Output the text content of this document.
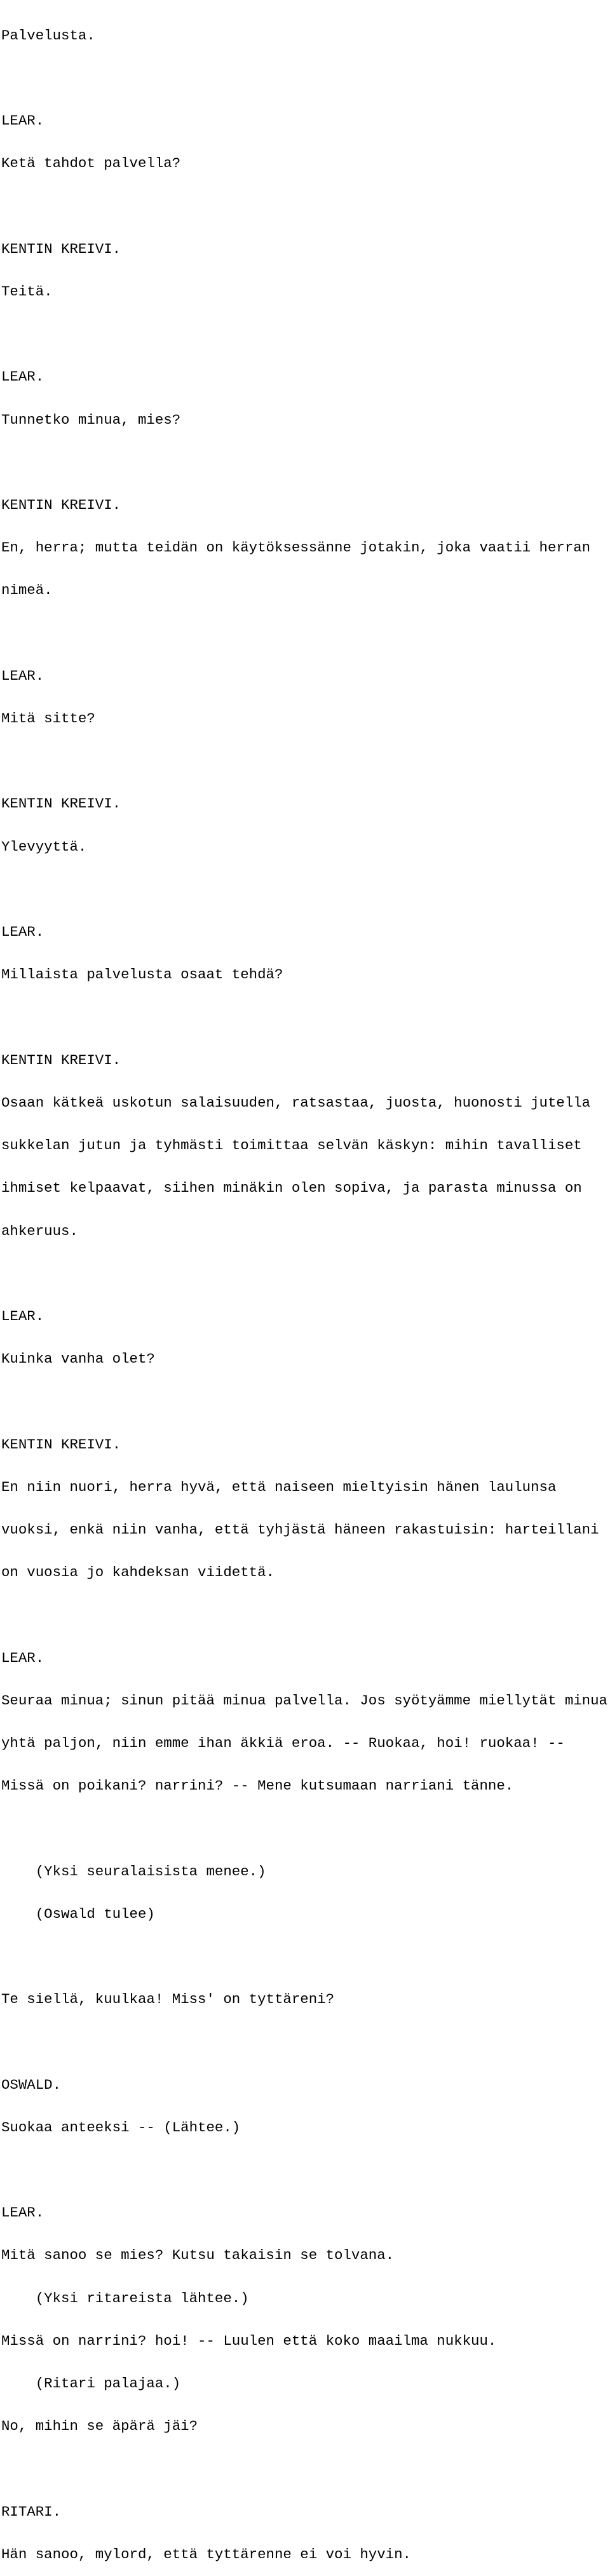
Palvelusta.

LEAR.

Ketä tahdot palvella?

KENTIN KREIVI.

Teitä.

LEAR.

Tunnetko minua, mies?

KENTIN KREIVI.

En, herra; mutta teidän on käytöksessänne jotakin, joka vaatii herran

nimeä.

LEAR.

Mitä sitte?

KENTIN KREIVI.

Ylevyyttä.

LEAR.

Millaista palvelusta osaat tehdä?

KENTIN KREIVI.

Osaan kätkeä uskotun salaisuuden, ratsastaa, juosta, huonosti jutella

sukkelan jutun ja tyhmästi toimittaa selvän käskyn: mihin tavalliset

ihmiset kelpaavat, siihen minäkin olen sopiva, ja parasta minussa on

ahkeruus.

LEAR.

Kuinka vanha olet?

KENTIN KREIVI.

En niin nuori, herra hyvä, että naiseen mieltyisin hänen laulunsa

vuoksi, enkä niin vanha, että tyhjästä häneen rakastuisin: harteillani

on vuosia jo kahdeksan viidettä.

LEAR.

Seuraa minua; sinun pitää minua palvella. Jos syötyämme miellytät minua

yhtä paljon, niin emme ihan äkkiä eroa. -- Ruokaa, hoi! ruokaa! --

Missä on poikani? narrini? -- Mene kutsumaan narriani tänne.

(Yksi seuralaisista menee.)

(Oswald tulee)

Te siellä, kuulkaa! Miss' on tyttäreni?

OSWALD.

Suokaa anteeksi -- (Lähtee.)

LEAR.

Mitä sanoo se mies? Kutsu takaisin se tolvana.

(Yksi ritareista lähtee.)

Missä on narrini? hoi! -- Luulen että koko maailma nukkuu.

(Ritari palajaa.)

No, mihin se äpärä jäi?

RITARI.

Hän sanoo, mylord, että tyttärenne ei voi hyvin.
